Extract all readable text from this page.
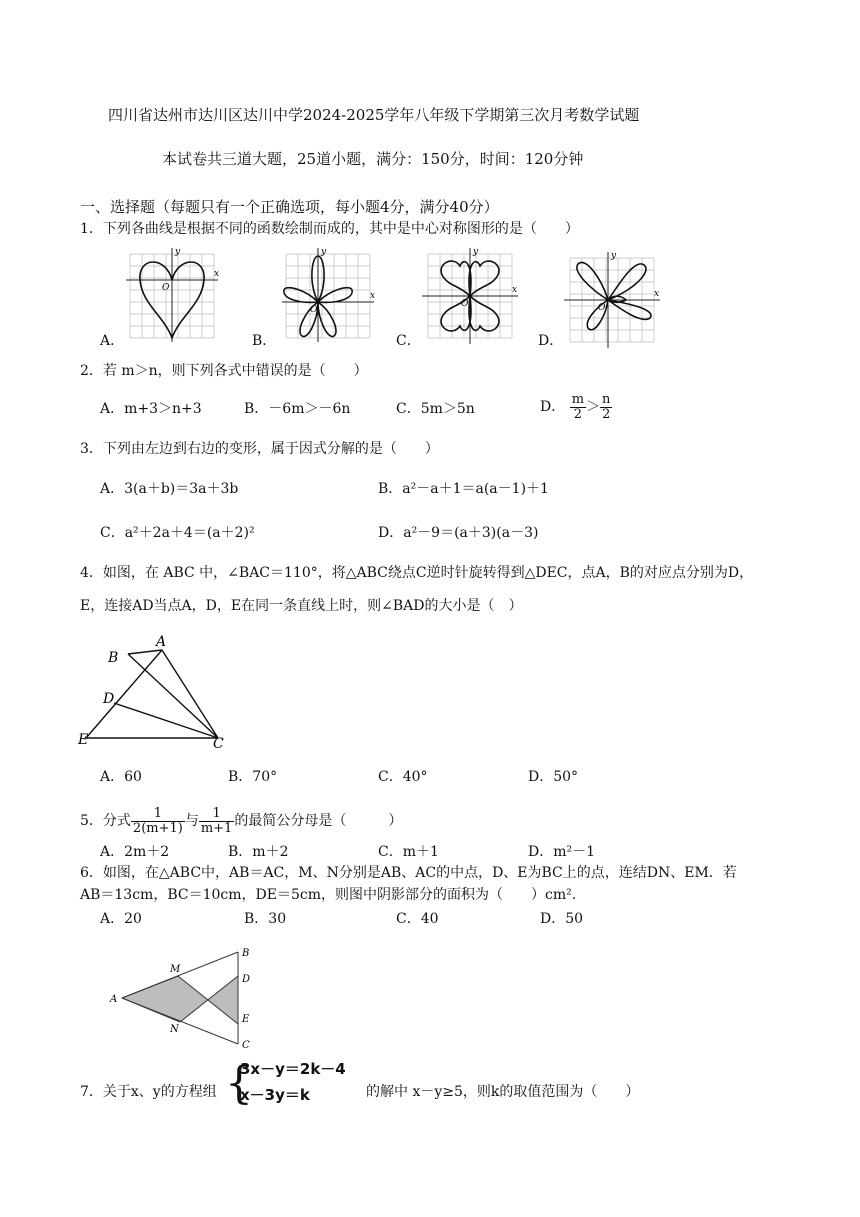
四川省达州市达川区达川中学2024-2025学年八年级下学期第三次月考数学试题
本试卷共三道大题，25道小题，满分：150分，时间：120分钟
一、选择题（每题只有一个正确选项，每小题4分，满分40分）
1．下列各曲线是根据不同的函数绘制而成的，其中是中心对称图形的是（　　）
O
x
y
A．
O
x
y
B．
O
x
y
C．
O
x
y
D．
2．若 m＞n，则下列各式中错误的是（　　）
A．m+3＞n+3	B．－6m＞－6n	C．5m＞5n	D． $\frac{m}{2} > \frac{n}{2}$
3．下列由左边到右边的变形，属于因式分解的是（　　）
A．3(a＋b)＝3a＋3b	B．a²－a＋1＝a(a－1)＋1
C．a²＋2a＋4＝(a＋2)²	D．a²－9＝(a＋3)(a－3)
4．如图，在 ABC 中，∠BAC＝110°，将△ABC绕点C逆时针旋转得到△DEC，点A，B的对应点分别为D，
E，连接AD当点A，D，E在同一条直线上时，则∠BAD的大小是（　）
A
B
C
D
E
A．60	B．70°	C．40°	D．50°
5．分式 $\frac{1}{2(m+1)}$ 与 $\frac{1}{m+1}$ 的最简公分母是（　　　）
A．2m＋2	B．m＋2	C．m＋1	D．m²－1
6．如图，在△ABC中，AB＝AC，M、N分别是AB、AC的中点，D、E为BC上的点，连结DN、EM．若
AB＝13cm，BC＝10cm，DE＝5cm，则图中阴影部分的面积为（　　）cm².
A．20	B．30	C．40	D．50
A
B
C
D
E
M
N
7．关于x、y的方程组 {
3x－y＝2k－4
x－3y＝k	的解中 x－y≥5，则k的取值范围为（　　）
